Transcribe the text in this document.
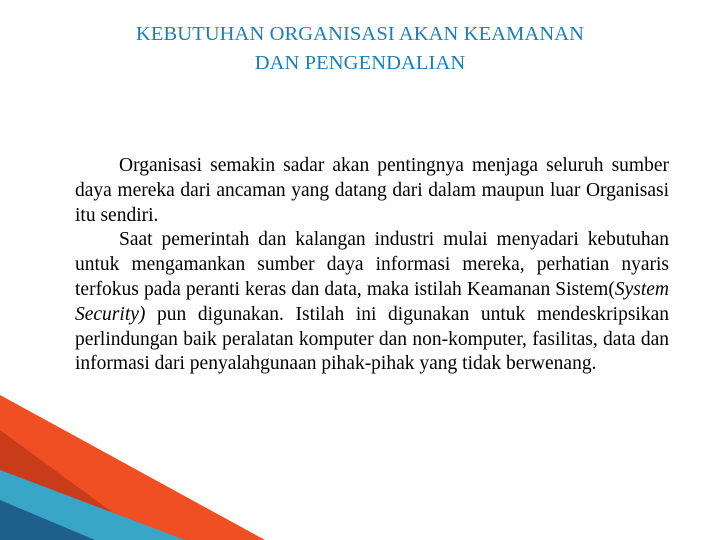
KEBUTUHAN ORGANISASI AKAN KEAMANAN
DAN PENGENDALIAN

Organisasi semakin sadar akan pentingnya menjaga seluruh sumber daya mereka dari ancaman yang datang dari dalam maupun luar Organisasi itu sendiri.

Saat pemerintah dan kalangan industri mulai menyadari kebutuhan untuk mengamankan sumber daya informasi mereka, perhatian nyaris terfokus pada peranti keras dan data, maka istilah Keamanan Sistem(System Security) pun digunakan. Istilah ini digunakan untuk mendeskripsikan perlindungan baik peralatan komputer dan non-komputer, fasilitas, data dan informasi dari penyalahgunaan pihak-pihak yang tidak berwenang.
